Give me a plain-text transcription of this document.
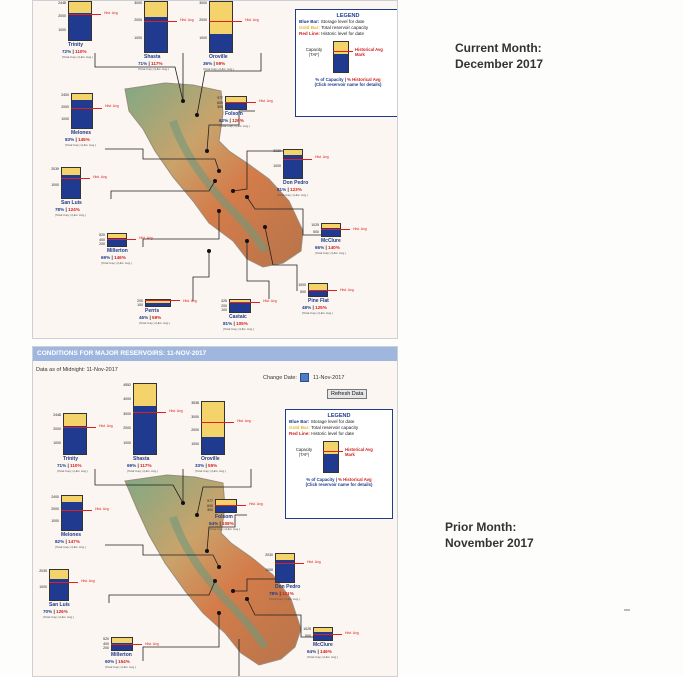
LEGEND
Blue Bar: Storage level for date
Gold Bar: Total reservoir capacity
Red Line: Historic level for date
Capacity (TAF)
Historical Avg Mark
% of Capacity | % Historical Avg
(Click reservoir name for details)
Hist. Avg
2448
2000
1000
Trinity
72% | 110%
(Total Cap.) (Hist. Avg.)
Hist. Avg
3000
2000
1000
Shasta
71% | 117%
(Total Cap.) (Hist. Avg.)
Hist. Avg
3000
2000
1000
Oroville
36% | 59%
(Total Cap.) (Hist. Avg.)
Hist. Avg
2400
2000
1000
Melones
83% | 145%
(Total Cap.) (Hist. Avg.)
Hist. Avg
977
600
300
Folsom
62% | 126%
(Total Cap.) (Hist. Avg.)
Hist. Avg
2030
1000
Don Pedro
81% | 123%
(Total Cap.) (Hist. Avg.)
Hist. Avg
2039
1000
San Luis
78% | 124%
(Total Cap.) (Hist. Avg.)
Hist. Avg
1025
500
McClure
65% | 140%
(Total Cap.) (Hist. Avg.)
Hist. Avg
520
400
200
Millerton
69% | 146%
(Total Cap.) (Hist. Avg.)
Hist. Avg
1000
500
Pine Flat
48% | 125%
(Total Cap.) (Hist. Avg.)
Hist. Avg
200
100
Perris
46% | 59%
(Total Cap.) (Hist. Avg.)
Hist. Avg
325
200
100
Castaic
81% | 105%
(Total Cap.) (Hist. Avg.)
CONDITIONS FOR MAJOR RESERVOIRS: 11-NOV-2017
Data as of Midnight: 11-Nov-2017
Change Date:	11-Nov-2017
Refresh Data
LEGEND
Blue Bar: Storage level for date
Gold Bar: Total reservoir capacity
Red Line: Historic level for date
Capacity (TAF)
Historical Avg Mark
% of Capacity | % Historical Avg
(Click reservoir name for details)
Hist. Avg
2448
2000
1000
Trinity
71% | 110%
(Total Cap.) (Hist. Avg.)
Hist. Avg
4552
4000
3000
2000
1000
Shasta
69% | 117%
(Total Cap.) (Hist. Avg.)
Hist. Avg
3538
3000
2000
1000
Oroville
33% | 55%
(Total Cap.) (Hist. Avg.)
Hist. Avg
2400
2000
1000
Melones
82% | 147%
(Total Cap.) (Hist. Avg.)
Hist. Avg
977
600
300
Folsom
54% | 108%
(Total Cap.) (Hist. Avg.)
Hist. Avg
2030
1000
Don Pedro
78% | 121%
(Total Cap.) (Hist. Avg.)
Hist. Avg
2039
1000
San Luis
70% | 126%
(Total Cap.) (Hist. Avg.)
Hist. Avg
1025
500
McClure
64% | 146%
(Total Cap.) (Hist. Avg.)
Hist. Avg
520
400
200
Millerton
60% | 154%
(Total Cap.) (Hist. Avg.)
Current Month:
December 2017
Prior Month:
November 2017
